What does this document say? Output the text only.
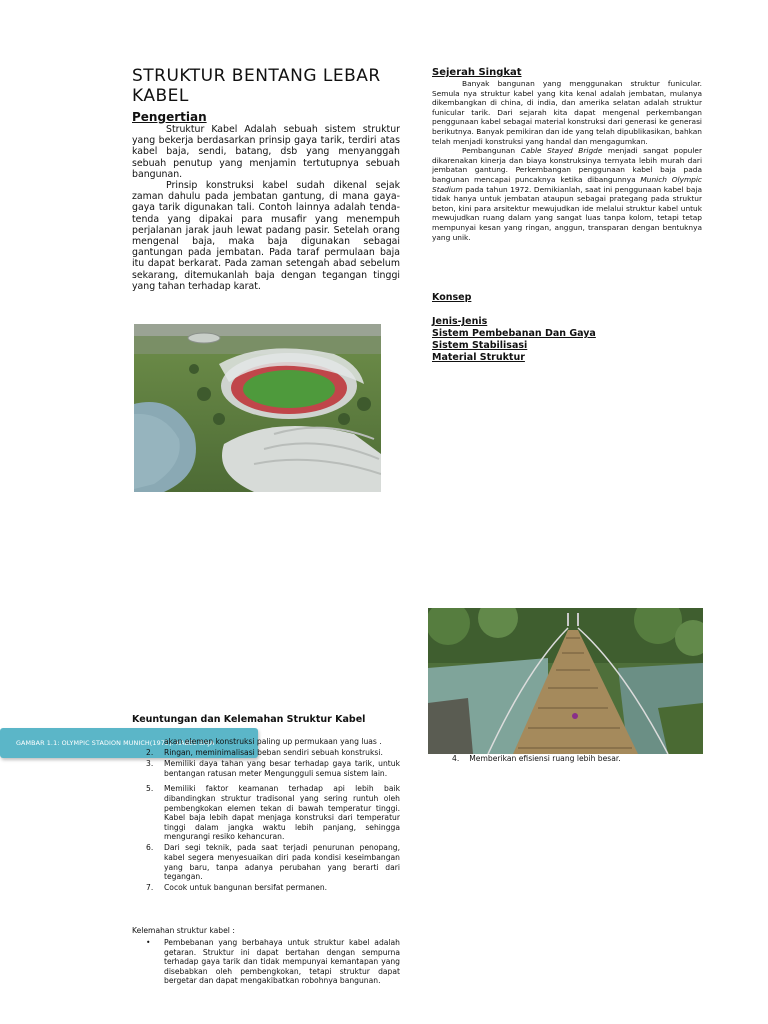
STRUKTUR BENTANG LEBAR KABEL
Pengertian

Struktur Kabel Adalah sebuah sistem struktur yang bekerja berdasarkan prinsip gaya tarik, terdiri atas kabel baja, sendi, batang, dsb yang menyanggah sebuah penutup yang menjamin tertutupnya sebuah bangunan.

Prinsip konstruksi kabel sudah dikenal sejak zaman dahulu pada jembatan gantung, di mana gaya-gaya tarik digunakan tali. Contoh lainnya adalah tenda-tenda yang dipakai para musafir yang menempuh perjalanan jarak jauh lewat padang pasir. Setelah orang mengenal baja, maka baja digunakan sebagai gantungan pada jembatan. Pada taraf permulaan baja itu dapat berkarat. Pada zaman setengah abad sebelum sekarang, ditemukanlah baja dengan tegangan tinggi yang tahan terhadap karat.

GAMBAR 1.1: OLYMPIC STADION MUNICH(1972). KABEL BAJA
Sejerah Singkat

Banyak bangunan yang menggunakan struktur funicular. Semula nya struktur kabel yang kita kenal adalah jembatan, mulanya dikembangkan di china, di india, dan amerika selatan adalah struktur funicular tarik. Dari sejarah kita dapat mengenal perkembangan penggunaan kabel sebagai material konstruksi dari generasi ke generasi berikutnya. Banyak pemikiran dan ide yang telah dipublikasikan, bahkan telah menjadi konstruksi yang handal dan mengagumkan.

Pembangunan Cable Stayed Brigde menjadi sangat populer dikarenakan kinerja dan biaya konstruksinya ternyata lebih murah dari jembatan gantung. Perkembangan penggunaan kabel baja pada bangunan mencapai puncaknya ketika dibangunnya Munich Olympic Stadium pada tahun 1972. Demikianlah, saat ini penggunaan kabel baja tidak hanya untuk jembatan ataupun sebagai prategang pada struktur beton, kini para arsitektur mewujudkan ide melalui struktur kabel untuk mewujudkan ruang dalam yang sangat luas tanpa kolom, tetapi tetap mempunyai kesan yang ringan, anggun, transparan dengan bentuknya yang unik.

Konsep
Jenis-Jenis
Sistem Pembebanan Dan Gaya
Sistem Stabilisasi
Material Struktur
Keuntungan dan Kelemahan Struktur Kabel
akan elemen konstruksi paling up permukaan yang luas .
2. Ringan, meminimalisasi beban sendiri sebuah konstruksi.
3. Memiliki daya tahan yang besar terhadap gaya tarik, untuk bentangan ratusan meter Mengungguli semua sistem lain.
5. Memiliki faktor keamanan terhadap api lebih baik dibandingkan struktur tradisonal yang sering runtuh oleh pembengkokan elemen tekan di bawah temperatur tinggi. Kabel baja lebih dapat menjaga konstruksi dari temperatur tinggi dalam jangka waktu lebih panjang, sehingga mengurangi resiko kehancuran.
6. Dari segi teknik, pada saat terjadi penurunan penopang, kabel segera menyesuaikan diri pada kondisi keseimbangan yang baru, tanpa adanya perubahan yang berarti dari tegangan.
7. Cocok untuk bangunan bersifat permanen.
4. Memberikan efisiensi ruang lebih besar.
Kelemahan struktur kabel :
• Pembebanan yang berbahaya untuk struktur kabel adalah getaran. Struktur ini dapat bertahan dengan sempurna terhadap gaya tarik dan tidak mempunyai kemantapan yang disebabkan oleh pembengkokan, tetapi struktur dapat bergetar dan dapat mengakibatkan robohnya bangunan.
